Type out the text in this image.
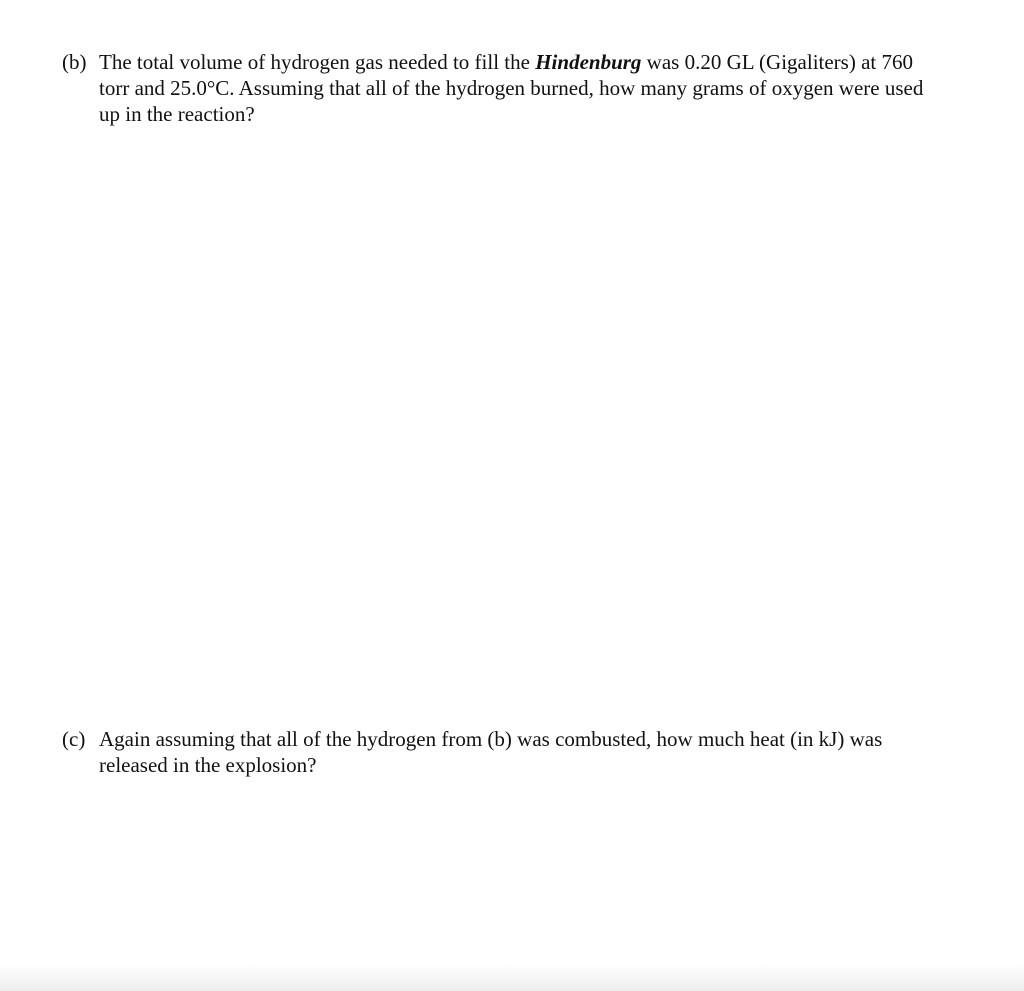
(b) The total volume of hydrogen gas needed to fill the Hindenburg was 0.20 GL (Gigaliters) at 760 torr and 25.0°C. Assuming that all of the hydrogen burned, how many grams of oxygen were used up in the reaction?
(c) Again assuming that all of the hydrogen from (b) was combusted, how much heat (in kJ) was released in the explosion?
